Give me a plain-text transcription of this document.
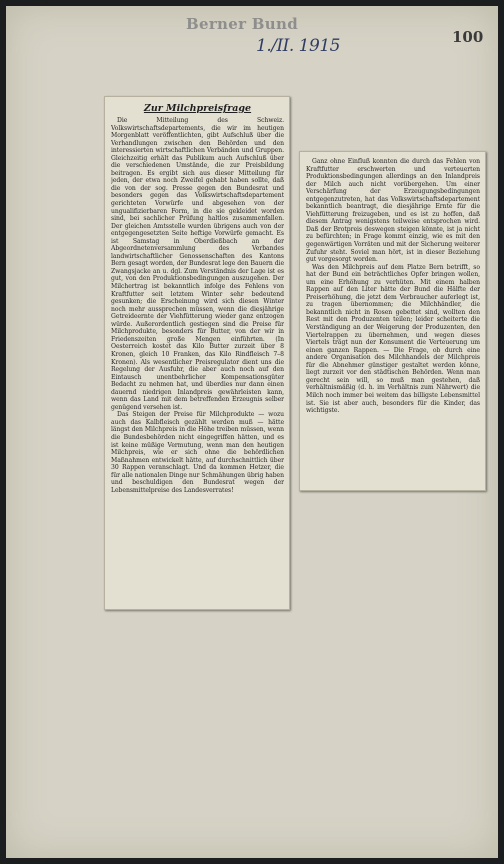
Berner Bund
1./II. 1915	100
Zur Milchpreisfrage

Die Mitteilung des Schweiz. Volkswirtschaftsdepartements, die wir im heutigen Morgenblatt veröffentlichten, gibt Aufschluß über die Verhandlungen zwischen den Behörden und den interessierten wirtschaftlichen Verbänden und Gruppen. Gleichzeitig erhält das Publikum auch Aufschluß über die verschiedenen Umstände, die zur Preisbildung beitragen. Es ergibt sich aus dieser Mitteilung für jeden, der etwa noch Zweifel gehabt haben sollte, daß die von der sog. Presse gegen den Bundesrat und besonders gegen das Volkswirtschaftsdepartement gerichteten Vorwürfe und abgesehen von der ungualifizierbaren Form, in die sie gekleidet worden sind, bei sachlicher Prüfung haltlos zusammenfallen. Der gleichen Amtsstelle wurden übrigens auch von der entgegengesetzten Seite heftige Vorwürfe gemacht. Es ist Samstag in Oberdießbach an der Abgeordnetenversammlung des Verbandes landwirtschaftlicher Genossenschaften des Kantons Bern gesagt worden, der Bundesrat lege den Bauern die Zwangsjacke an u. dgl. Zum Verständnis der Lage ist es gut, von den Produktionsbedingungen auszugehen. Der Milchertrag ist bekanntlich infolge des Fehlens von Kraftfutter seit letztem Winter sehr bedeutend gesunken; die Erscheinung wird sich diesen Winter noch mehr aussprechen müssen, wenn die diesjährige Getreideernte der Viehfütterung wieder ganz entzogen würde. Außerordentlich gestiegen sind die Preise für Milchprodukte, besonders für Butter, von der wir in Friedenszeiten große Mengen einführten. (In Oesterreich kostet das Kilo Butter zurzeit über 8 Kronen, gleich 10 Franken, das Kilo Rindfleisch 7–8 Kronen). Als wesentlicher Preisregulator dient uns die Regelung der Ausfuhr, die aber auch noch auf den Eintausch unentbehrlicher Kompensationsgüter Bedacht zu nehmen hat, und überdies nur dann einen dauernd niedrigen Inlandpreis gewährleisten kann, wenn das Land mit dem betreffenden Erzeugnis selber genügend versehen ist.

Das Steigen der Preise für Milchprodukte — wozu auch das Kalbfleisch gezählt werden muß — hätte längst den Milchpreis in die Höhe treiben müssen, wenn die Bundesbehörden nicht eingegriffen hätten, und es ist keine müßige Vermutung, wenn man den heutigen Milchpreis, wie er sich ohne die behördlichen Maßnahmen entwickelt hätte, auf durchschnittlich über 30 Rappen veranschlagt. Und da kommen Hetzer, die für alle nationalen Dinge nur Schmähungen übrig haben und beschuldigen den Bundesrat wegen der Lebensmittelpreise des Landesverrates!

Ganz ohne Einfluß konnten die durch das Fehlen von Kraftfutter erschwerten und verteuerten Produktionsbedingungen allerdings an den Inlandpreis der Milch auch nicht vorübergehen. Um einer Verschärfung der Erzeugungsbedingungen entgegenzutreten, hat das Volkswirtschaftsdepartement bekanntlich beantragt, die diesjährige Ernte für die Viehfütterung freizugeben, und es ist zu hoffen, daß diesem Antrag wenigstens teilweise entsprochen wird. Daß der Brotpreis deswegen steigen könnte, ist ja nicht zu befürchten; in Frage kommt einzig, wie es mit den gegenwärtigen Vorräten und mit der Sicherung weiterer Zufuhr steht. Soviel man hört, ist in dieser Beziehung gut vorgesorgt worden.

Was den Milchpreis auf dem Platze Bern betrifft, so hat der Bund ein beträchtliches Opfer bringen wollen, um eine Erhöhung zu verhüten. Mit einem halben Rappen auf den Liter hätte der Bund die Hälfte der Preiserhöhung, die jetzt dem Verbraucher auferlegt ist, zu tragen übernommen; die Milchhändler, die bekanntlich nicht in Rosen gebettet sind, wollten den Rest mit den Produzenten teilen; leider scheiterte die Verständigung an der Weigerung der Produzenten, den Viertelrappen zu übernehmen, und wegen dieses Viertels trägt nun der Konsument die Verteuerung um einen ganzen Rappen. — Die Frage, ob durch eine andere Organisation des Milchhandels der Milchpreis für die Abnehmer günstiger gestaltet werden könne, liegt zurzeit vor den städtischen Behörden. Wenn man gerecht sein will, so muß man gestehen, daß verhältnismäßig (d. h. im Verhältnis zum Nährwert) die Milch noch immer bei weitem das billigste Lebensmittel ist. Sie ist aber auch, besonders für die Kinder, das wichtigste.
